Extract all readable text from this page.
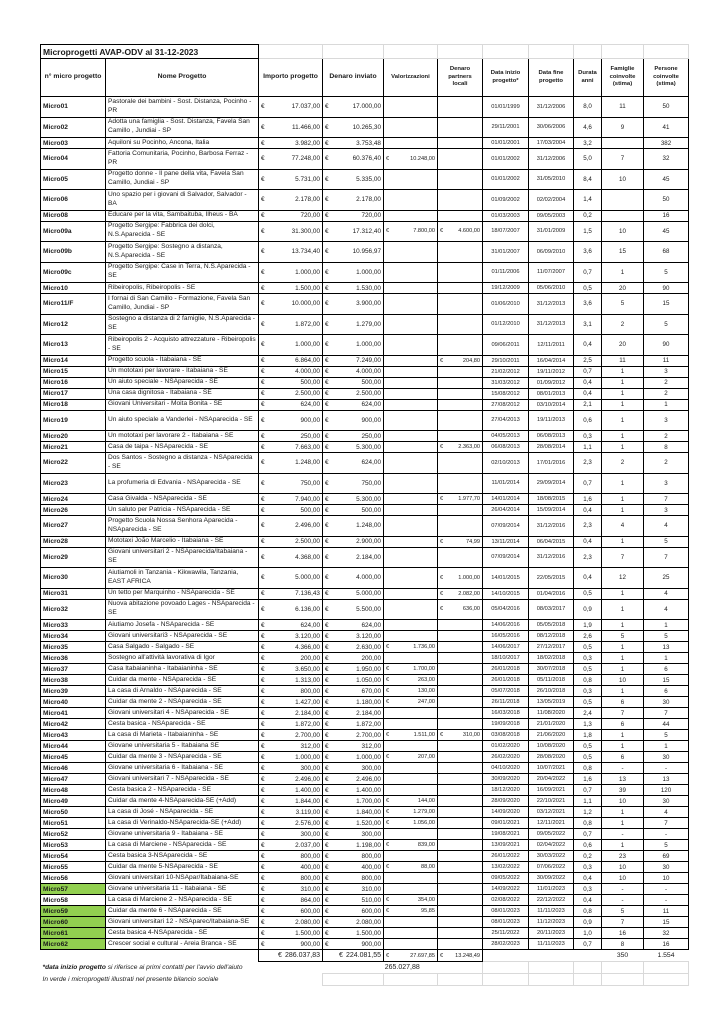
Microprogetti AVAP-ODV al 31-12-2023										
n° micro progetto	Nome Progetto	Importo progetto	Denaro inviato	Valorizzazioni	Denaro partners locali	Data inizio progetto*	Data fine progetto	Durata anni	Famiglie coinvolte (stima)	Persone coinvolte (stima)
Micro01	Pastorale dei bambini - Sost. Distanza, Pocinho - PR	€ 17.037,00	€ 17.000,00			01/01/1999	31/12/2006	8,0	11	50
Micro02	Adotta una famiglia - Sost. Distanza, Favela San Camillo , Jundiai - SP	€ 11.466,00	€ 10.265,30			29/11/2001	30/06/2006	4,6	9	41
Micro03	Aquiloni su Pocinho, Ancona, Italia	€ 3.982,00	€ 3.753,48			01/01/2001	17/03/2004	3,2		382
Micro04	Fattoria Comunitaria, Pocinho, Barbosa Ferraz - PR	€ 77.248,00	€ 60.376,40	€ 10.248,00		01/01/2002	31/12/2006	5,0	7	32
Micro05	Progetto donne - Il pane della vita, Favela San Camillo, Jundiai - SP	€ 5.731,00	€ 5.335,00			01/01/2002	31/05/2010	8,4	10	45
Micro06	Uno spazio per i giovani di Salvador, Salvador - BA	€ 2.178,00	€ 2.178,00			01/09/2002	02/02/2004	1,4		50
Micro08	Educare per la vita, Sambaituba, Ilheus - BA	€ 720,00	€ 720,00			01/03/2003	09/05/2003	0,2		16
Micro09a	Progetto Sergipe: Fabbrica dei dolci, N.S.Aparecida - SE	€ 31.300,00	€ 17.312,40	€ 7.800,00	€ 4.600,00	18/07/2007	31/01/2009	1,5	10	45
Micro09b	Progetto Sergipe: Sostegno a distanza, N.S.Aparecida - SE	€ 13.734,40	€ 10.956,97			31/01/2007	06/09/2010	3,6	15	68
Micro09c	Progetto Sergipe: Case in Terra, N.S.Aparecida - SE	€ 1.000,00	€ 1.000,00			01/11/2006	11/07/2007	0,7	1	5
Micro10	Ribeiropolis, Ribeiropolis - SE	€ 1.500,00	€ 1.530,00			19/12/2009	05/06/2010	0,5	20	90
Micro11/F	I fornai di San Camillo - Formazione, Favela San Camillo, Jundiai - SP	€ 10.000,00	€ 3.900,00			01/06/2010	31/12/2013	3,6	5	15
Micro12	Sostegno a distanza di 2 famiglie, N.S.Aparecida - SE	€ 1.872,00	€ 1.279,00			01/12/2010	31/12/2013	3,1	2	5
Micro13	Ribeiropolis 2 - Acquisto attrezzature - Ribeiropolis - SE	€ 1.000,00	€ 1.000,00			09/06/2011	12/11/2011	0,4	20	90
Micro14	Progetto scuola - Itabaiana - SE	€ 6.864,00	€ 7.249,00		€ 204,80	29/10/2011	16/04/2014	2,5	11	11
Micro15	Un mototaxi per lavorare - Itabaiana - SE	€ 4.000,00	€ 4.000,00			21/02/2012	19/11/2012	0,7	1	3
Micro16	Un aiuto speciale - NSAparecida - SE	€ 500,00	€ 500,00			31/03/2012	01/09/2012	0,4	1	2
Micro17	Una casa dignitosa - Itabaiana - SE	€ 2.500,00	€ 2.500,00			15/08/2012	08/01/2013	0,4	1	2
Micro18	Giovani Universitari - Moita Bonita - SE	€ 624,00	€ 624,00			27/08/2012	03/10/2014	2,1	1	1
Micro19	Un aiuto speciale a Vanderlei - NSAparecida - SE	€ 900,00	€ 900,00			27/04/2013	19/11/2013	0,6	1	3
Micro20	Un mototaxi per lavorare 2 - Itabaiana - SE	€ 250,00	€ 250,00			04/05/2013	06/08/2013	0,3	1	2
Micro21	Casa de taipa - NSAparecida - SE	€ 7.663,00	€ 5.300,00		€ 2.363,00	06/08/2013	28/08/2014	1,1	1	8
Micro22	Dos Santos - Sostegno a distanza - NSAparecida - SE	€ 1.248,00	€ 624,00			02/10/2013	17/01/2016	2,3	2	2
Micro23	La profumeria di Edvania - NSAparecida - SE	€ 750,00	€ 750,00			11/01/2014	29/09/2014	0,7	1	3
Micro24	Casa Givalda - NSAparecida - SE	€ 7.940,00	€ 5.300,00		€ 1.977,70	14/01/2014	18/08/2015	1,6	1	7
Micro26	Un saluto per Patricia - NSAparecida - SE	€ 500,00	€ 500,00			26/04/2014	15/09/2014	0,4	1	3
Micro27	Progetto Scuola Nossa Senhora Aparecida - NSAparecida - SE	€ 2.496,00	€ 1.248,00			07/09/2014	31/12/2016	2,3	4	4
Micro28	Mototaxi João Marcelio - Itabaiana - SE	€ 2.500,00	€ 2.900,00		€ 74,99	13/11/2014	06/04/2015	0,4	1	5
Micro29	Giovani universitari 2 - NSAparecida/Itabaiana - SE	€ 4.368,00	€ 2.184,00			07/09/2014	31/12/2016	2,3	7	7
Micro30	Aiutiamoli in Tanzania - Kikwawila, Tanzania, EAST AFRICA	€ 5.000,00	€ 4.000,00		€ 1.000,00	14/01/2015	22/05/2015	0,4	12	25
Micro31	Un tetto per Marquinho - NSAparecida - SE	€ 7.136,43	€ 5.000,00		€ 2.082,00	14/10/2015	01/04/2016	0,5	1	4
Micro32	Nuova abitazione povoado Lages - NSAparecida - SE	€ 6.136,00	€ 5.500,00		€ 636,00	05/04/2016	08/03/2017	0,9	1	4
Micro33	Aiutiamo Josefa - NSAparecida - SE	€ 624,00	€ 624,00			14/06/2016	05/05/2018	1,9	1	1
Micro34	Giovani universitari3 - NSAparecida - SE	€ 3.120,00	€ 3.120,00			16/05/2016	08/12/2018	2,6	5	5
Micro35	Casa Salgado - Salgado - SE	€ 4.366,00	€ 2.630,00	€ 1.736,00		14/06/2017	27/12/2017	0,5	1	13
Micro36	Sostegno all'attività lavorativa di Igor	€ 200,00	€ 200,00			18/10/2017	18/02/2018	0,3	1	1
Micro37	Casa Itabaianinha - Itabaianinha - SE	€ 3.650,00	€ 1.950,00	€ 1.700,00		26/01/2018	30/07/2018	0,5	1	6
Micro38	Cuidar da mente - NSAparecida - SE	€ 1.313,00	€ 1.050,00	€ 263,00		26/01/2018	05/11/2018	0,8	10	15
Micro39	La casa di Arnaldo - NSAparecida - SE	€ 800,00	€ 670,00	€ 130,00		05/07/2018	26/10/2018	0,3	1	6
Micro40	Cuidar da mente 2 - NSAparecida - SE	€ 1.427,00	€ 1.180,00	€ 247,00		26/11/2018	13/05/2019	0,5	6	30
Micro41	Giovani universitari 4 - NSAparecida - SE	€ 2.184,00	€ 2.184,00			16/03/2018	11/08/2020	2,4	7	7
Micro42	Cesta basica - NSAparecida - SE	€ 1.872,00	€ 1.872,00			19/09/2018	21/01/2020	1,3	6	44
Micro43	La casa di Marieta - Itabaianinha - SE	€ 2.700,00	€ 2.700,00	€ 1.511,00	€ 310,00	03/08/2018	21/06/2020	1,8	1	5
Micro44	Giovane universitaria 5 - Itabaiana SE	€ 312,00	€ 312,00			01/02/2020	10/08/2020	0,5	1	1
Micro45	Cuidar da mente 3 - NSAparecida - SE	€ 1.000,00	€ 1.000,00	€ 207,00		26/02/2020	28/08/2020	0,5	6	30
Micro46	Giovane universitaria 6 - Itabaiana - SE	€ 300,00	€ 300,00			04/10/2020	10/07/2021	0,8	-	-
Micro47	Giovani universitari 7 - NSAparecida - SE	€ 2.496,00	€ 2.496,00			30/09/2020	20/04/2022	1,6	13	13
Micro48	Cesta basica 2 - NSAparecida - SE	€ 1.400,00	€ 1.400,00			18/12/2020	16/09/2021	0,7	39	120
Micro49	Cuidar da mente 4-NSAparecida-SE (+Add)	€ 1.844,00	€ 1.700,00	€ 144,00		28/09/2020	22/10/2021	1,1	10	30
Micro50	La casa di José - NSAparecida - SE	€ 3.119,00	€ 1.840,00	€ 1.279,00		14/09/2020	03/12/2021	1,2	1	4
Micro51	La casa di Verinaldo-NSAparecida-SE (+Add)	€ 2.576,00	€ 1.520,00	€ 1.056,00		09/01/2021	12/11/2021	0,8	1	7
Micro52	Giovane universitaria 9 - Itabaiana - SE	€ 300,00	€ 300,00			19/08/2021	09/05/2022	0,7	-	-
Micro53	La casa di Marciene - NSAparecida - SE	€ 2.037,00	€ 1.198,00	€ 839,00		13/09/2021	02/04/2022	0,6	1	5
Micro54	Cesta basica 3-NSAparecida - SE	€ 800,00	€ 800,00			26/01/2022	30/03/2022	0,2	23	69
Micro55	Cuidar da mente 5-NSAparecida - SE	€ 400,00	€ 400,00	€ 88,00		13/02/2022	07/06/2022	0,3	10	30
Micro56	Giovani universitari 10-NSApar/Itabaiana-SE	€ 800,00	€ 800,00			09/05/2022	30/09/2022	0,4	10	10
Micro57	Giovane universitaria 11 - Itabaiana - SE	€ 310,00	€ 310,00			14/09/2022	11/01/2023	0,3	-	-
Micro58	La casa di Marciene 2 - NSAparecida - SE	€ 864,00	€ 510,00	€ 354,00		02/08/2022	22/12/2022	0,4	-	-
Micro59	Cuidar da mente 6 - NSAparecida - SE	€ 600,00	€ 600,00	€ 95,85		08/01/2023	11/11/2023	0,8	5	11
Micro60	Giovani universitari 12 - NSAparec/Itabaiana-SE	€ 2.080,00	€ 2.080,00			08/01/2023	11/12/2023	0,9	7	15
Micro61	Cesta basica 4-NSAparecida - SE	€ 1.500,00	€ 1.500,00			25/11/2022	20/11/2023	1,0	16	32
Micro62	Crescer social e cultural - Areia Branca - SE	€ 900,00	€ 900,00			28/02/2023	11/11/2023	0,7	8	16

		€ 286.037,83	€ 224.081,55	€ 27.697,85	€ 13.248,49				350	1.554
*data inizio progetto si riferisce ai primi contatti per l'avvio dell'aiuto			265.027,88							
In verde i microprogetti illustrati nel presente bilancio sociale										
